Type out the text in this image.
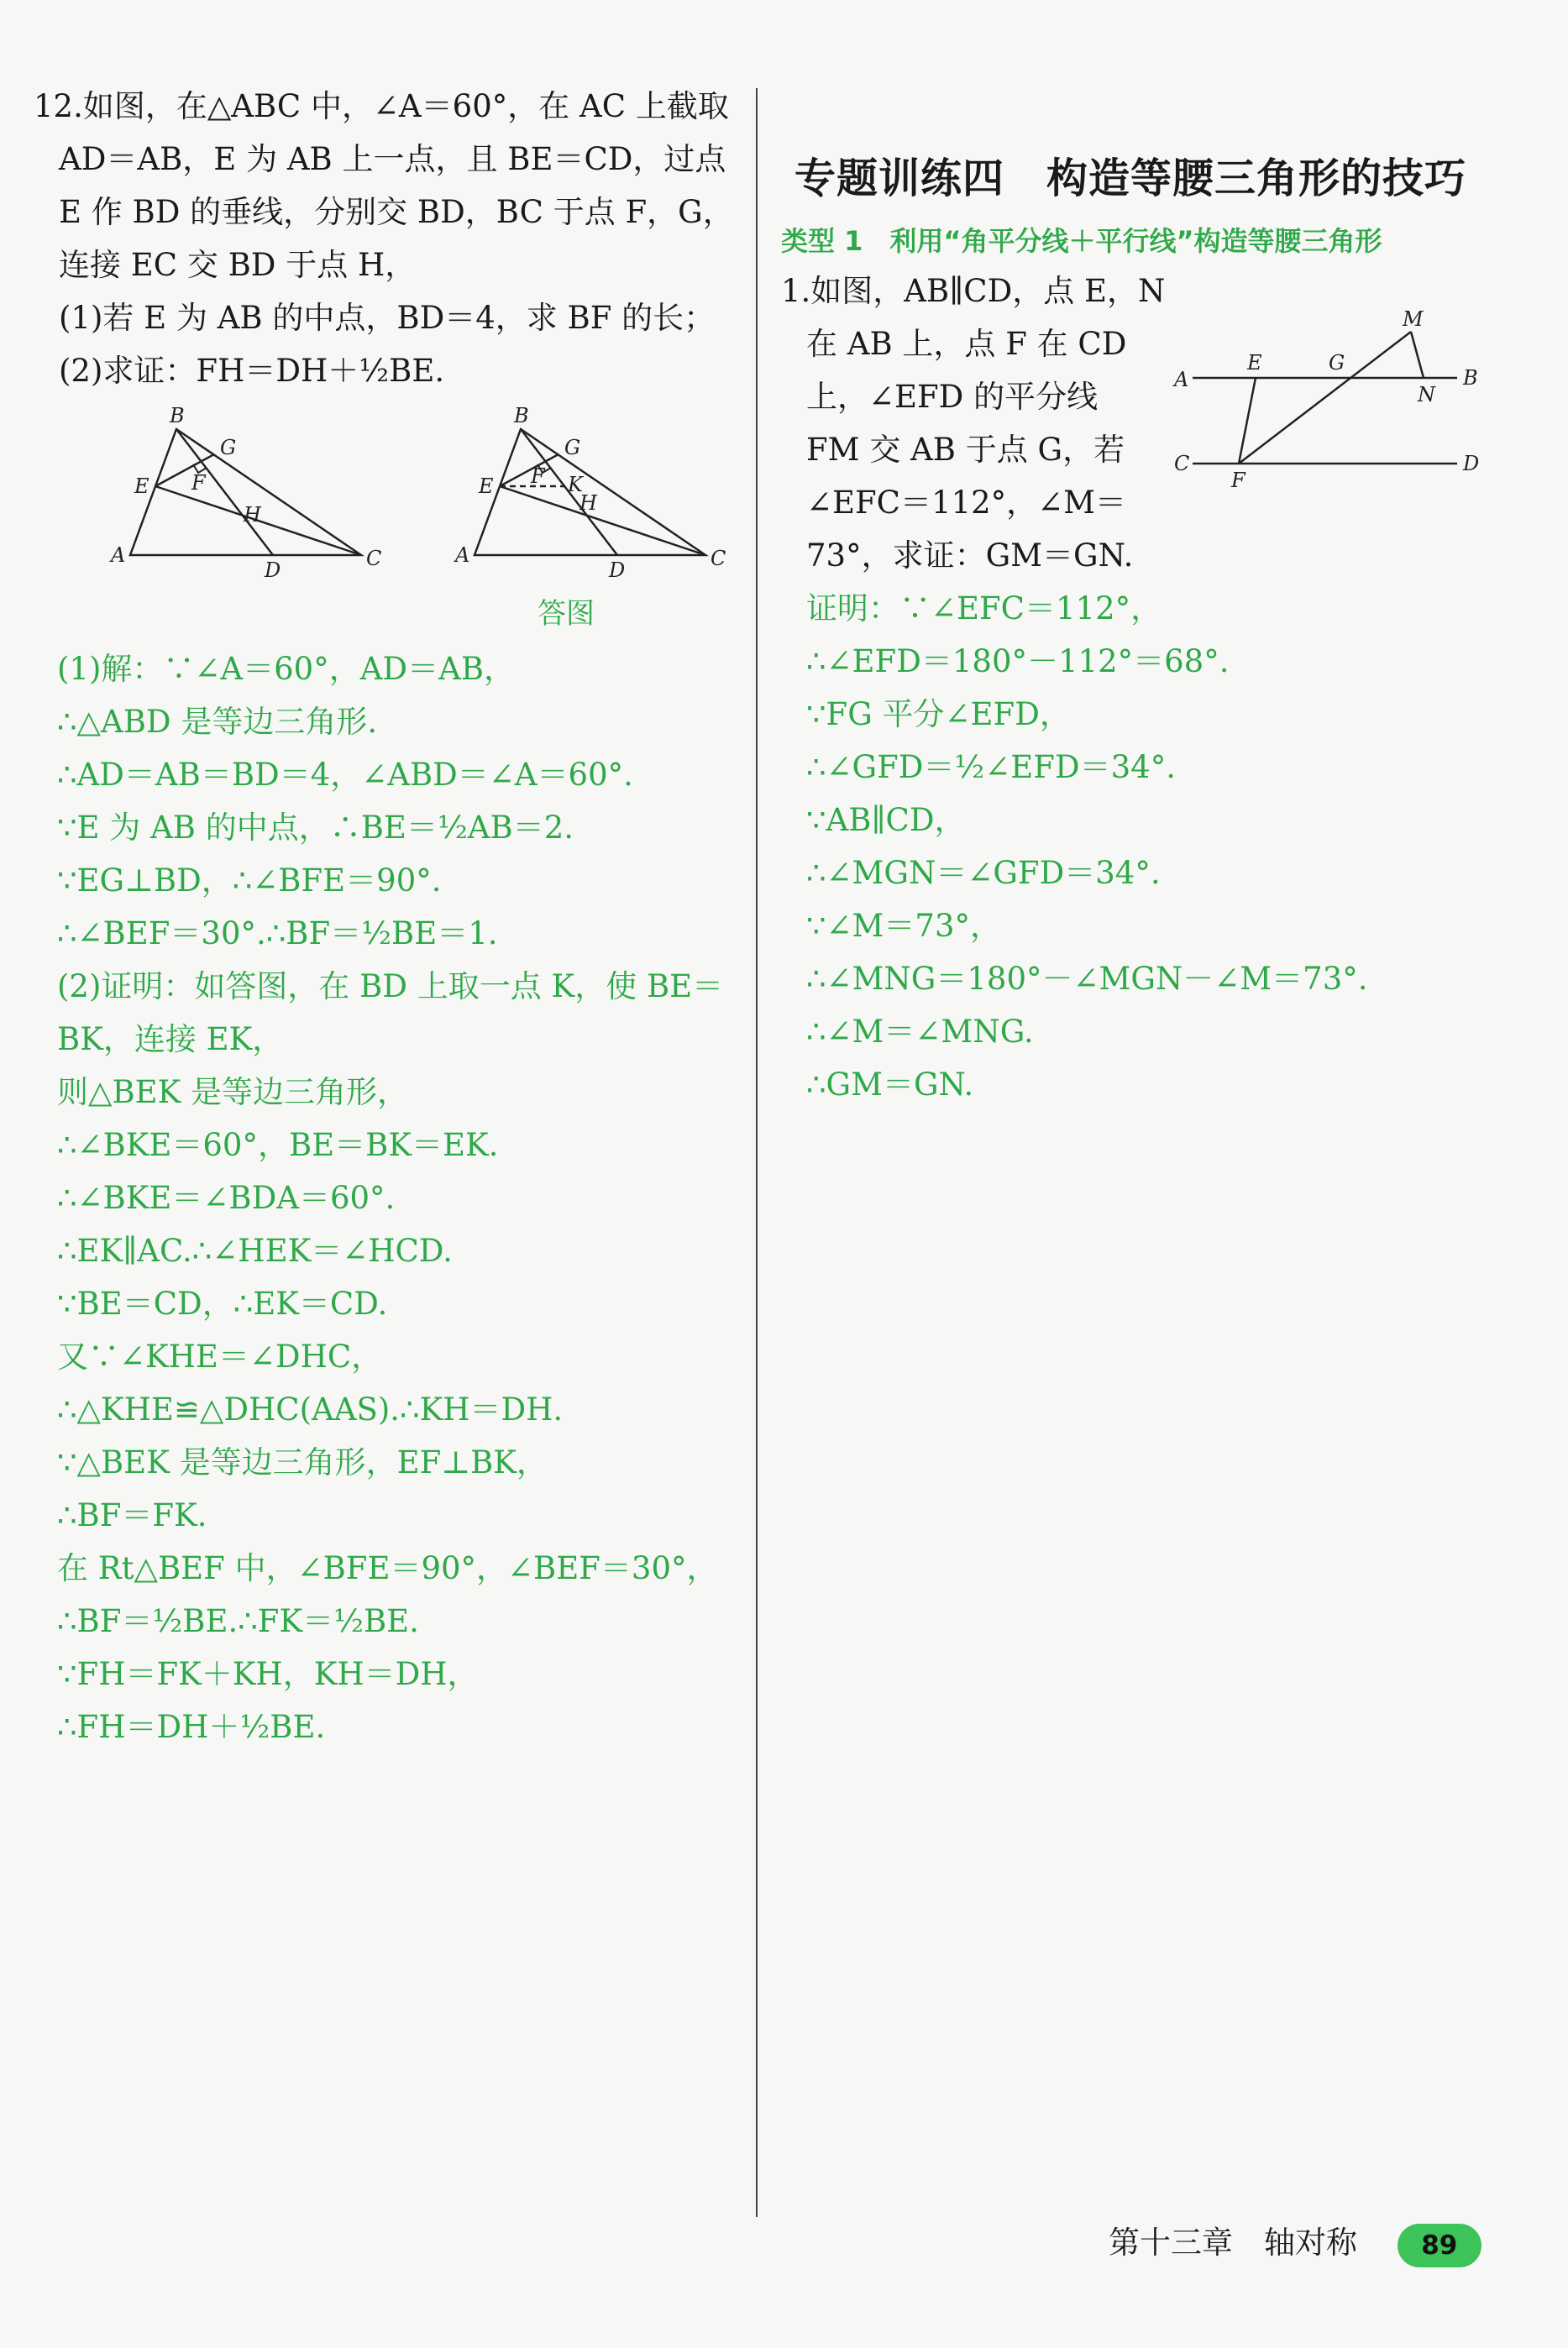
12.如图，在△ABC 中，∠A＝60°，在 AC 上截取
AD＝AB，E 为 AB 上一点，且 BE＝CD，过点
E 作 BD 的垂线，分别交 BD，BC 于点 F，G，
连接 EC 交 BD 于点 H，
(1)若 E 为 AB 的中点，BD＝4，求 BF 的长；
(2)求证：FH＝DH＋½BE.
B
G
E F
H
A
D	C
B
G
E F K
H
A
D	C
答图
(1)解：∵∠A＝60°，AD＝AB，
∴△ABD 是等边三角形.
∴AD＝AB＝BD＝4，∠ABD＝∠A＝60°.
∵E 为 AB 的中点，∴BE＝½AB＝2.
∵EG⊥BD，∴∠BFE＝90°.
∴∠BEF＝30°.∴BF＝½BE＝1.
(2)证明：如答图，在 BD 上取一点 K，使 BE＝
BK，连接 EK，
则△BEK 是等边三角形，
∴∠BKE＝60°，BE＝BK＝EK.
∴∠BKE＝∠BDA＝60°.
∴EK∥AC.∴∠HEK＝∠HCD.
∵BE＝CD，∴EK＝CD.
又∵∠KHE＝∠DHC，
∴△KHE≌△DHC(AAS).∴KH＝DH.
∵△BEK 是等边三角形，EF⊥BK，
∴BF＝FK.
在 Rt△BEF 中，∠BFE＝90°，∠BEF＝30°，
∴BF＝½BE.∴FK＝½BE.
∵FH＝FK＋KH，KH＝DH，
∴FH＝DH＋½BE.
专题训练四　构造等腰三角形的技巧
类型 1　利用“角平分线＋平行线”构造等腰三角形
1.如图，AB∥CD，点 E，N
在 AB 上，点 F 在 CD
上，∠EFD 的平分线
FM 交 AB 于点 G，若
∠EFC＝112°，∠M＝
73°，求证：GM＝GN.
M
E	G
A
N
B
C
F
D
证明：∵∠EFC＝112°，
∴∠EFD＝180°－112°＝68°.
∵FG 平分∠EFD，
∴∠GFD＝½∠EFD＝34°.
∵AB∥CD，
∴∠MGN＝∠GFD＝34°.
∵∠M＝73°，
∴∠MNG＝180°－∠MGN－∠M＝73°.
∴∠M＝∠MNG.
∴GM＝GN.
第十三章　轴对称 89
